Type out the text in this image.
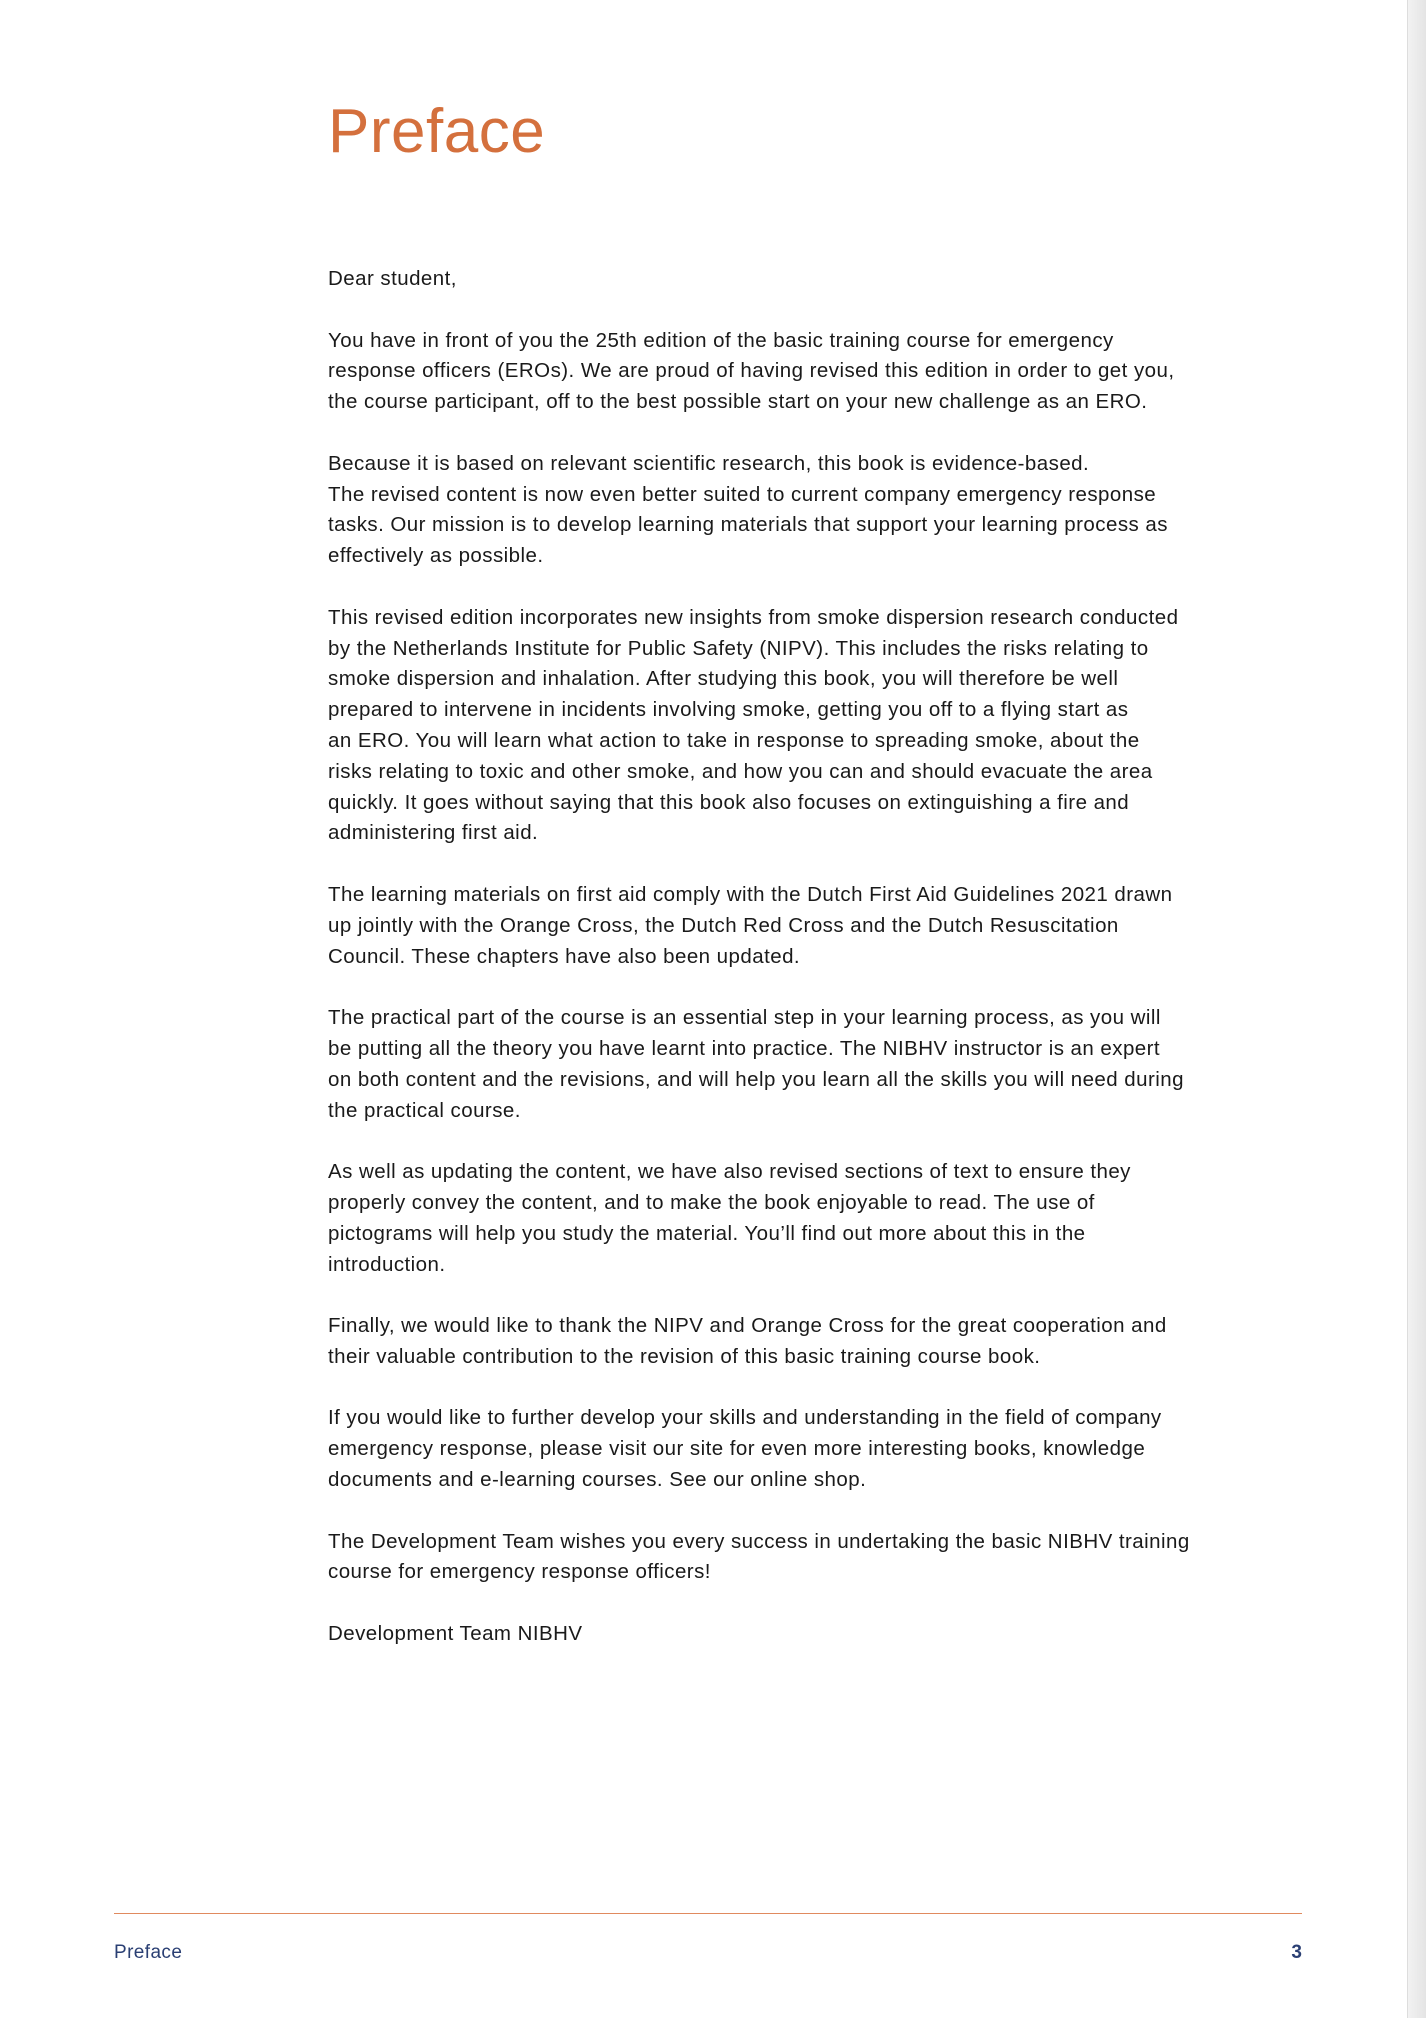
Preface

Dear student,

You have in front of you the 25th edition of the basic training course for emergency
response officers (EROs). We are proud of having revised this edition in order to get you,
the course participant, off to the best possible start on your new challenge as an ERO.

Because it is based on relevant scientific research, this book is evidence-based.
The revised content is now even better suited to current company emergency response
tasks. Our mission is to develop learning materials that support your learning process as
effectively as possible.

This revised edition incorporates new insights from smoke dispersion research conducted
by the Netherlands Institute for Public Safety (NIPV). This includes the risks relating to
smoke dispersion and inhalation. After studying this book, you will therefore be well
prepared to intervene in incidents involving smoke, getting you off to a flying start as
an ERO. You will learn what action to take in response to spreading smoke, about the
risks relating to toxic and other smoke, and how you can and should evacuate the area
quickly. It goes without saying that this book also focuses on extinguishing a fire and
administering first aid.

The learning materials on first aid comply with the Dutch First Aid Guidelines 2021 drawn
up jointly with the Orange Cross, the Dutch Red Cross and the Dutch Resuscitation
Council. These chapters have also been updated.

The practical part of the course is an essential step in your learning process, as you will
be putting all the theory you have learnt into practice. The NIBHV instructor is an expert
on both content and the revisions, and will help you learn all the skills you will need during
the practical course.

As well as updating the content, we have also revised sections of text to ensure they
properly convey the content, and to make the book enjoyable to read. The use of
pictograms will help you study the material. You’ll find out more about this in the
introduction.

Finally, we would like to thank the NIPV and Orange Cross for the great cooperation and
their valuable contribution to the revision of this basic training course book.

If you would like to further develop your skills and understanding in the field of company
emergency response, please visit our site for even more interesting books, knowledge
documents and e-learning courses. See our online shop.

The Development Team wishes you every success in undertaking the basic NIBHV training
course for emergency response officers!

Development Team NIBHV

Preface	3
